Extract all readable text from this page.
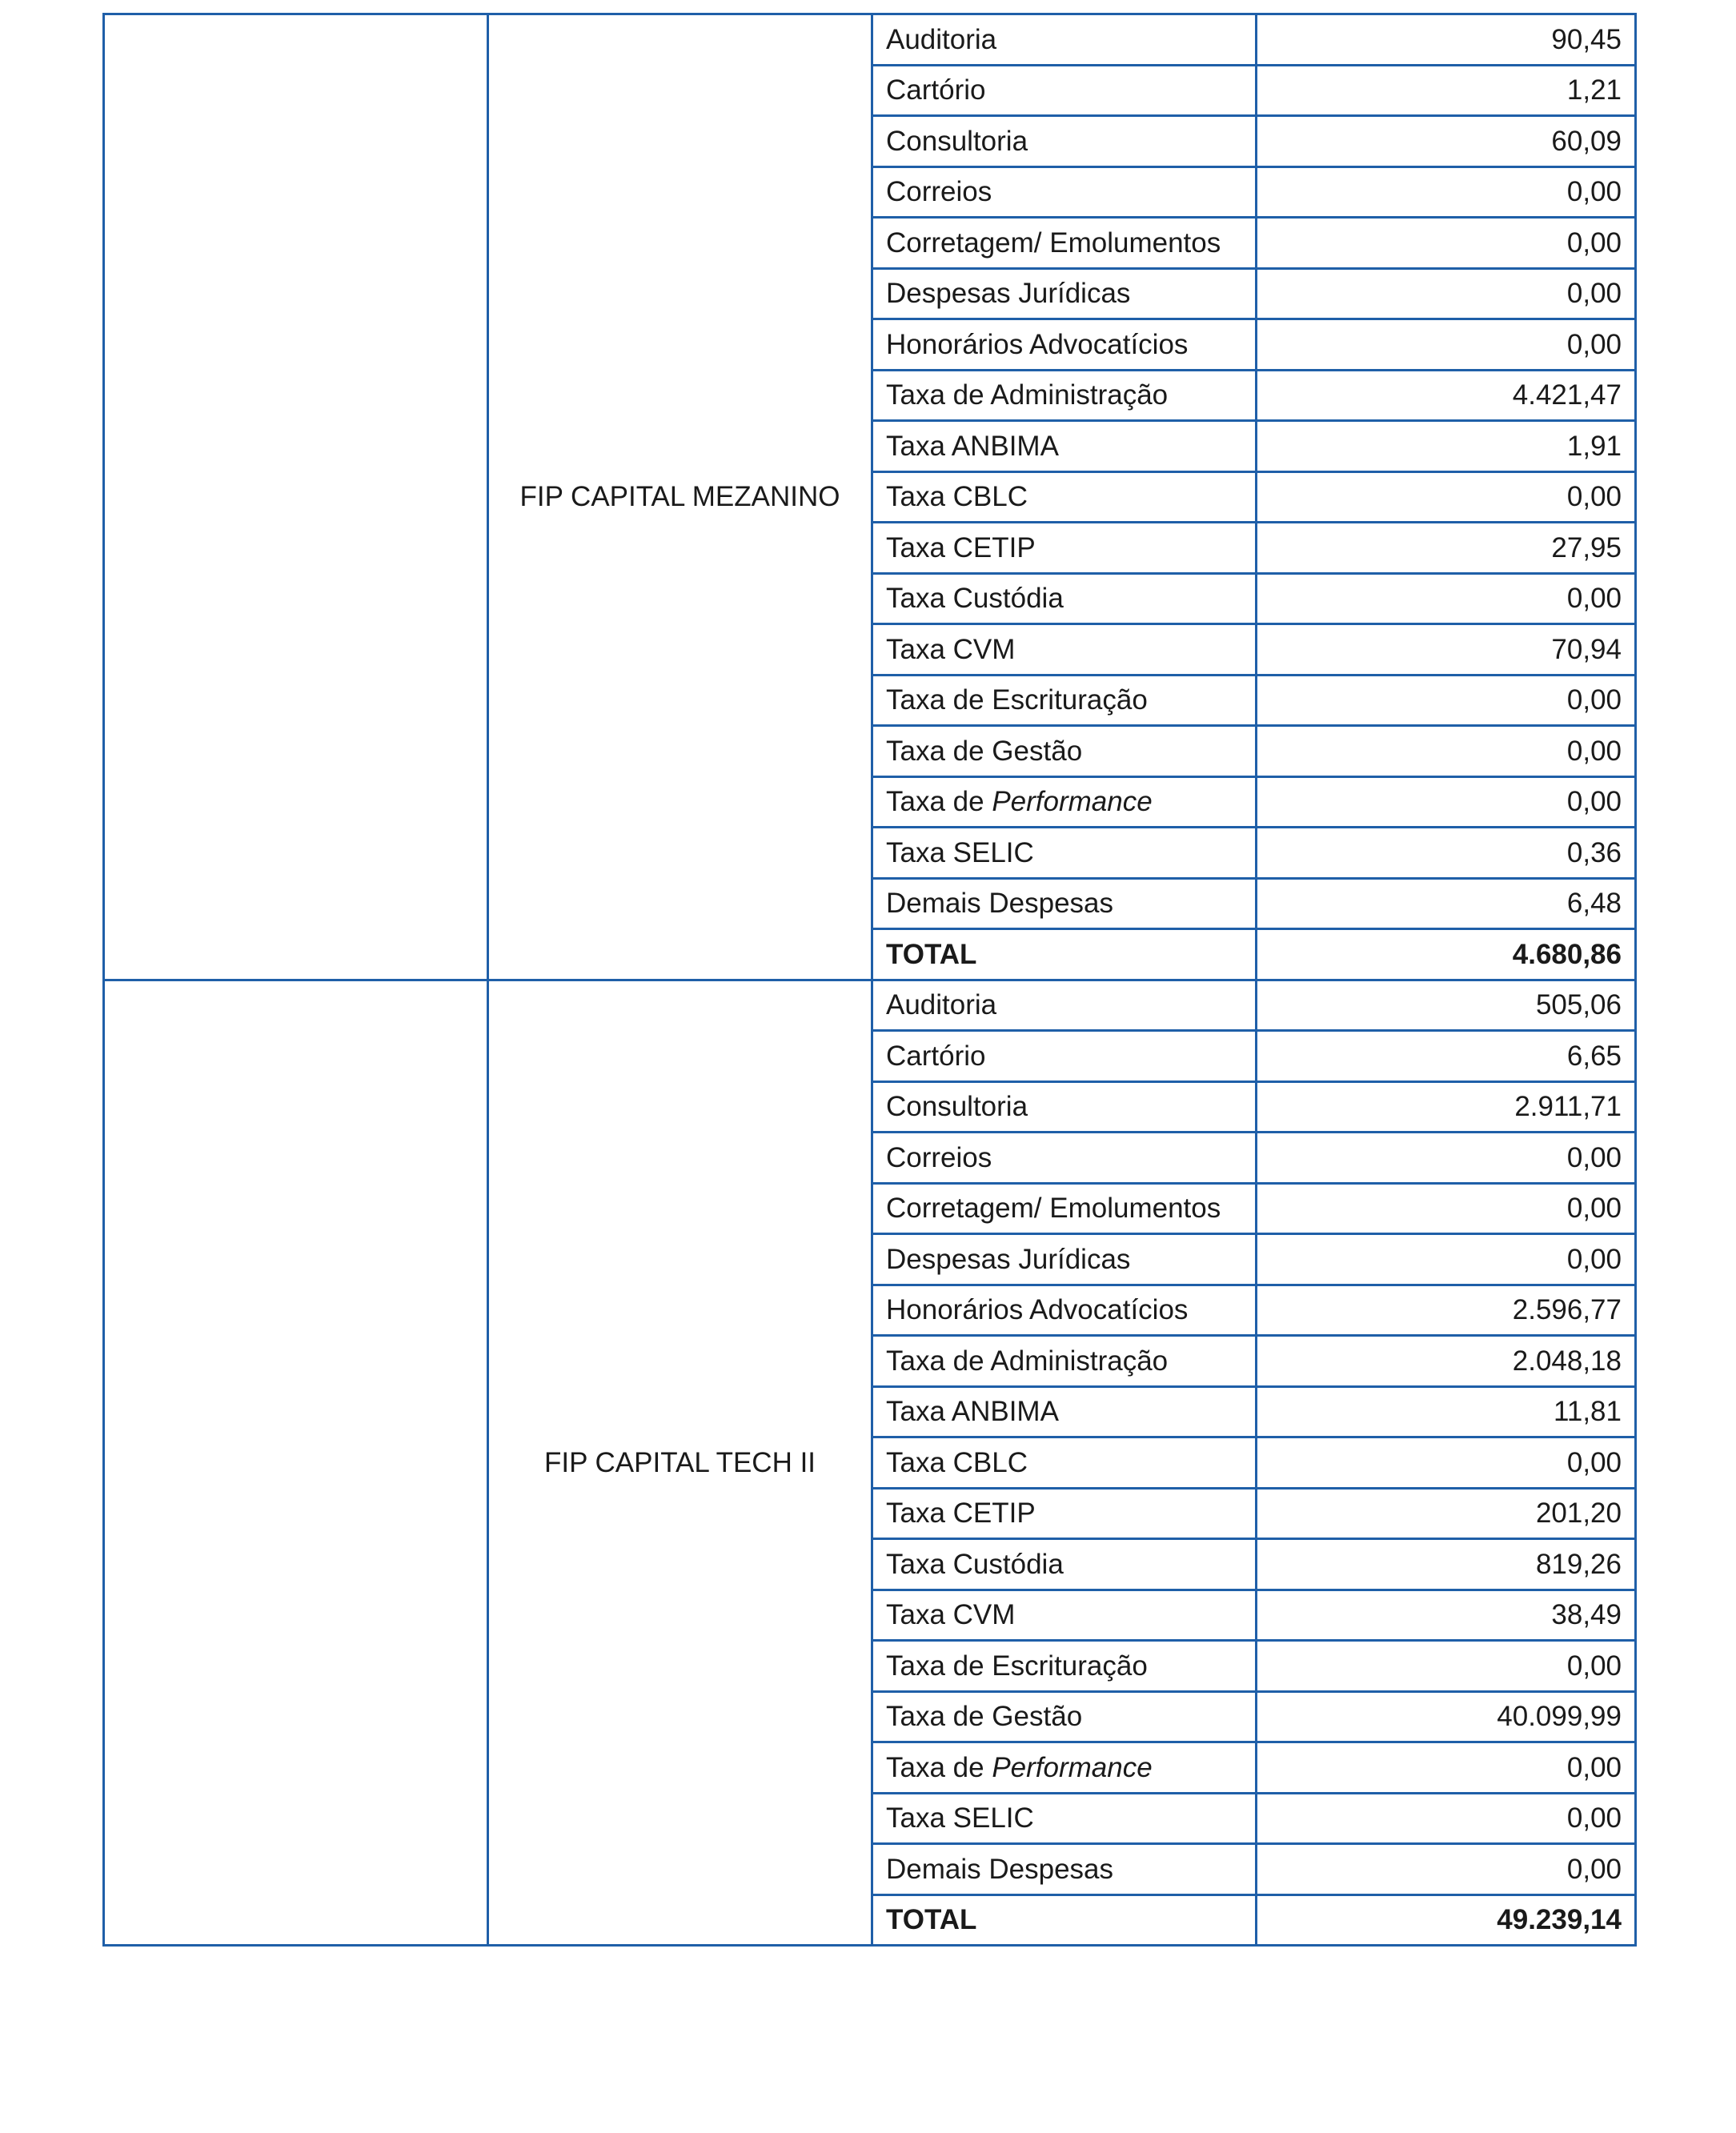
	FIP CAPITAL MEZANINO	Auditoria	90,45
		Cartório	1,21
		Consultoria	60,09
		Correios	0,00
		Corretagem/ Emolumentos	0,00
		Despesas Jurídicas	0,00
		Honorários Advocatícios	0,00
		Taxa de Administração	4.421,47
		Taxa ANBIMA	1,91
		Taxa CBLC	0,00
		Taxa CETIP	27,95
		Taxa Custódia	0,00
		Taxa CVM	70,94
		Taxa de Escrituração	0,00
		Taxa de Gestão	0,00
		Taxa de Performance	0,00
		Taxa SELIC	0,36
		Demais Despesas	6,48
		TOTAL	4.680,86
	FIP CAPITAL TECH II	Auditoria	505,06
		Cartório	6,65
		Consultoria	2.911,71
		Correios	0,00
		Corretagem/ Emolumentos	0,00
		Despesas Jurídicas	0,00
		Honorários Advocatícios	2.596,77
		Taxa de Administração	2.048,18
		Taxa ANBIMA	11,81
		Taxa CBLC	0,00
		Taxa CETIP	201,20
		Taxa Custódia	819,26
		Taxa CVM	38,49
		Taxa de Escrituração	0,00
		Taxa de Gestão	40.099,99
		Taxa de Performance	0,00
		Taxa SELIC	0,00
		Demais Despesas	0,00
		TOTAL	49.239,14
